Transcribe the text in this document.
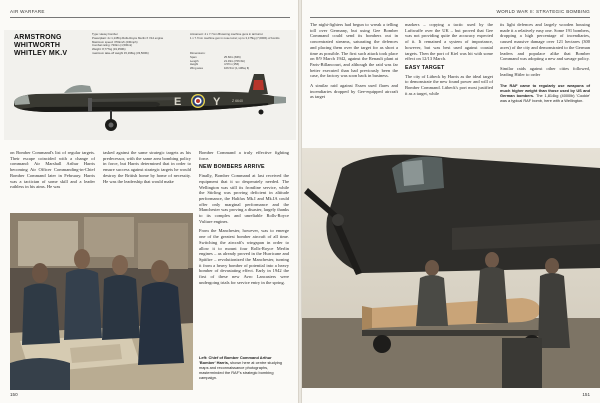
AIR WARFARE
ARMSTRONG WHITWORTH WHITLEY MK.V
Type: Heavy bomber
Powerplant: 2x 1,145hp Rolls-Royce Merlin X V12 engine
Maximum speed: 370km/h (230mph)
Combat rating: 720km (1,500mi)
Weight: 8,777kg (19,350lb)
maximum take-off weight 15,196kg (33,500lb)
Armament: 4 x 7.7mm Browning machine guns in tail turret
1 x 7.7mm machine gun in nose turret; up to 3,175kg (7,000lb) of bombs
Dimensions:
Span	25.60m (84ft)
Length	21.49m (70ft 6in)
Height	4.57m (15ft)
Wing area	106.5m² (1,138sq ft)
E	Y	Z 6640

on Bomber Command's list of regular targets. Their escape coincided with a change of command: Air Marshall Arthur Harris becoming Air Officer Commanding-in-Chief Bomber Command later in February. Harris was a tactician of some skill and a leader ruthless in his aims. He was

tasked against the same strategic targets as his predecessor, with the same area bombing policy in force, but Harris determined that in order to ensure success against strategic targets he would destroy the British home by home of necessity. He was the leadership that would make

Bomber Command a truly effective fighting force.

NEW BOMBERS ARRIVE

Finally, Bomber Command at last received the equipment that it so desperately needed. The Wellington was still its frontline service, while the Stirling was proving deficient in altitude performance, the Halifax Mk.I and Mk.IA could offer only marginal performance and the Manchester was proving a disaster, largely thanks to its complex and unreliable Rolls-Royce Vulture engines.

From the Manchester, however, was to emerge one of the greatest bomber aircraft of all time. Switching the aircraft's wingspan in order to allow it to mount four Rolls-Royce Merlin engines – as already proved in the Hurricane and Spitfire – revolutionized the Manchester, turning it from a heavy bomber of potential into a heavy bomber of devastating effect. Early in 1942 the first of these new Avro Lancasters were undergoing trials for service entry in the spring.

Left: Chief of Bomber Command Arthur 'Bomber' Harris, shown here at centre studying maps and reconnaissance photographs, masterminded the RAF's strategic bombing campaign.
150
WORLD WAR II: STRATEGIC BOMBING

The night-fighters had begun to wreak a telling toll over Germany, but using Gee Bomber Command could send its bombers out in concentrated streams, saturating the defences and placing them over the target for as short a time as possible. The first such attack took place on 8/9 March 1942, against the Renault plant at Paris-Billancourt, and although the raid was far better executed than had previously been the case, the factory was soon back in business.

A similar raid against Essen used flares and incendiaries dropped by Gee-equipped aircraft as target

markers – copying a tactic used by the Luftwaffe over the UK – but proved that Gee was not providing quite the accuracy expected of it. It remained a system of importance, however, but was best used against coastal targets. Then the port of Kiel was hit with some effect on 12/13 March.

EASY TARGET

The city of Lübeck by Harris as the ideal target to demonstrate the new found power and will of Bomber Command. Lübeck's port most justified it as a target, while

its light defences and largely wooden housing made it a relatively easy one. Some 191 bombers, dropping a high percentage of incendiaries, caused massive damage over 121 hectares (300 acres) of the city and demonstrated to the German leaders and populace alike that Bomber Command was adopting a new and savage policy.

Similar raids against other cities followed, leading Hitler to order

The RAF came to regularly use weapons of much higher weight than those used by US and German bombers. The 1,814kg (4000lb) 'Cookie' was a typical RAF bomb, here with a Wellington.
151
